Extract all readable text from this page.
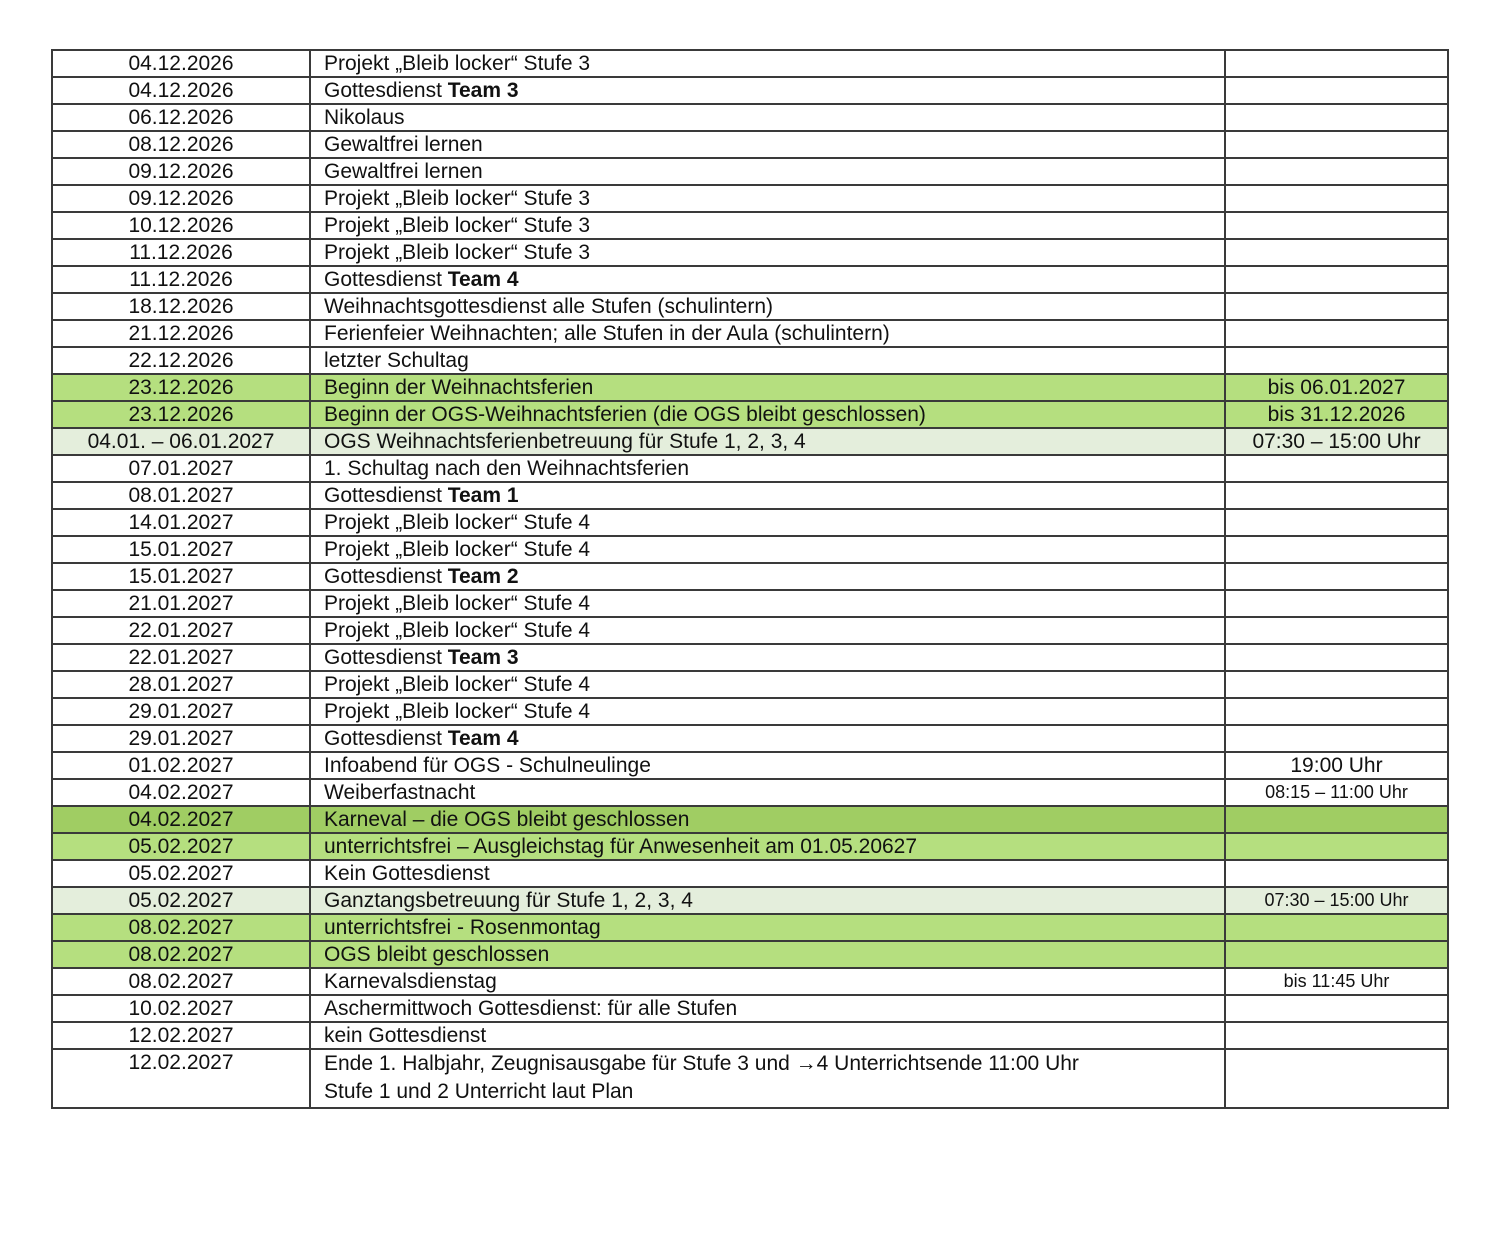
04.12.2026	Projekt „Bleib locker“ Stufe 3	
04.12.2026	Gottesdienst Team 3	
06.12.2026	Nikolaus	
08.12.2026	Gewaltfrei lernen	
09.12.2026	Gewaltfrei lernen	
09.12.2026	Projekt „Bleib locker“ Stufe 3	
10.12.2026	Projekt „Bleib locker“ Stufe 3	
11.12.2026	Projekt „Bleib locker“ Stufe 3	
11.12.2026	Gottesdienst Team 4	
18.12.2026	Weihnachtsgottesdienst alle Stufen (schulintern)	
21.12.2026	Ferienfeier Weihnachten; alle Stufen in der Aula (schulintern)	
22.12.2026	letzter Schultag	
23.12.2026	Beginn der Weihnachtsferien	bis 06.01.2027
23.12.2026	Beginn der OGS-Weihnachtsferien (die OGS bleibt geschlossen)	bis 31.12.2026
04.01. – 06.01.2027	OGS Weihnachtsferienbetreuung für Stufe 1, 2, 3, 4	07:30 – 15:00 Uhr
07.01.2027	1. Schultag nach den Weihnachtsferien	
08.01.2027	Gottesdienst Team 1	
14.01.2027	Projekt „Bleib locker“ Stufe 4	
15.01.2027	Projekt „Bleib locker“ Stufe 4	
15.01.2027	Gottesdienst Team 2	
21.01.2027	Projekt „Bleib locker“ Stufe 4	
22.01.2027	Projekt „Bleib locker“ Stufe 4	
22.01.2027	Gottesdienst Team 3	
28.01.2027	Projekt „Bleib locker“ Stufe 4	
29.01.2027	Projekt „Bleib locker“ Stufe 4	
29.01.2027	Gottesdienst Team 4	
01.02.2027	Infoabend für OGS - Schulneulinge	19:00 Uhr
04.02.2027	Weiberfastnacht	08:15 – 11:00 Uhr
04.02.2027	Karneval – die OGS bleibt geschlossen	
05.02.2027	unterrichtsfrei – Ausgleichstag für Anwesenheit am 01.05.20627	
05.02.2027	Kein Gottesdienst	
05.02.2027	Ganztangsbetreuung für Stufe 1, 2, 3, 4	07:30 – 15:00 Uhr
08.02.2027	unterrichtsfrei - Rosenmontag	
08.02.2027	OGS bleibt geschlossen	
08.02.2027	Karnevalsdienstag	bis 11:45 Uhr
10.02.2027	Aschermittwoch Gottesdienst: für alle Stufen	
12.02.2027	kein Gottesdienst	
12.02.2027	Ende 1. Halbjahr, Zeugnisausgabe für Stufe 3 und →4 Unterrichtsende 11:00 Uhr
Stufe 1 und 2 Unterricht laut Plan	
